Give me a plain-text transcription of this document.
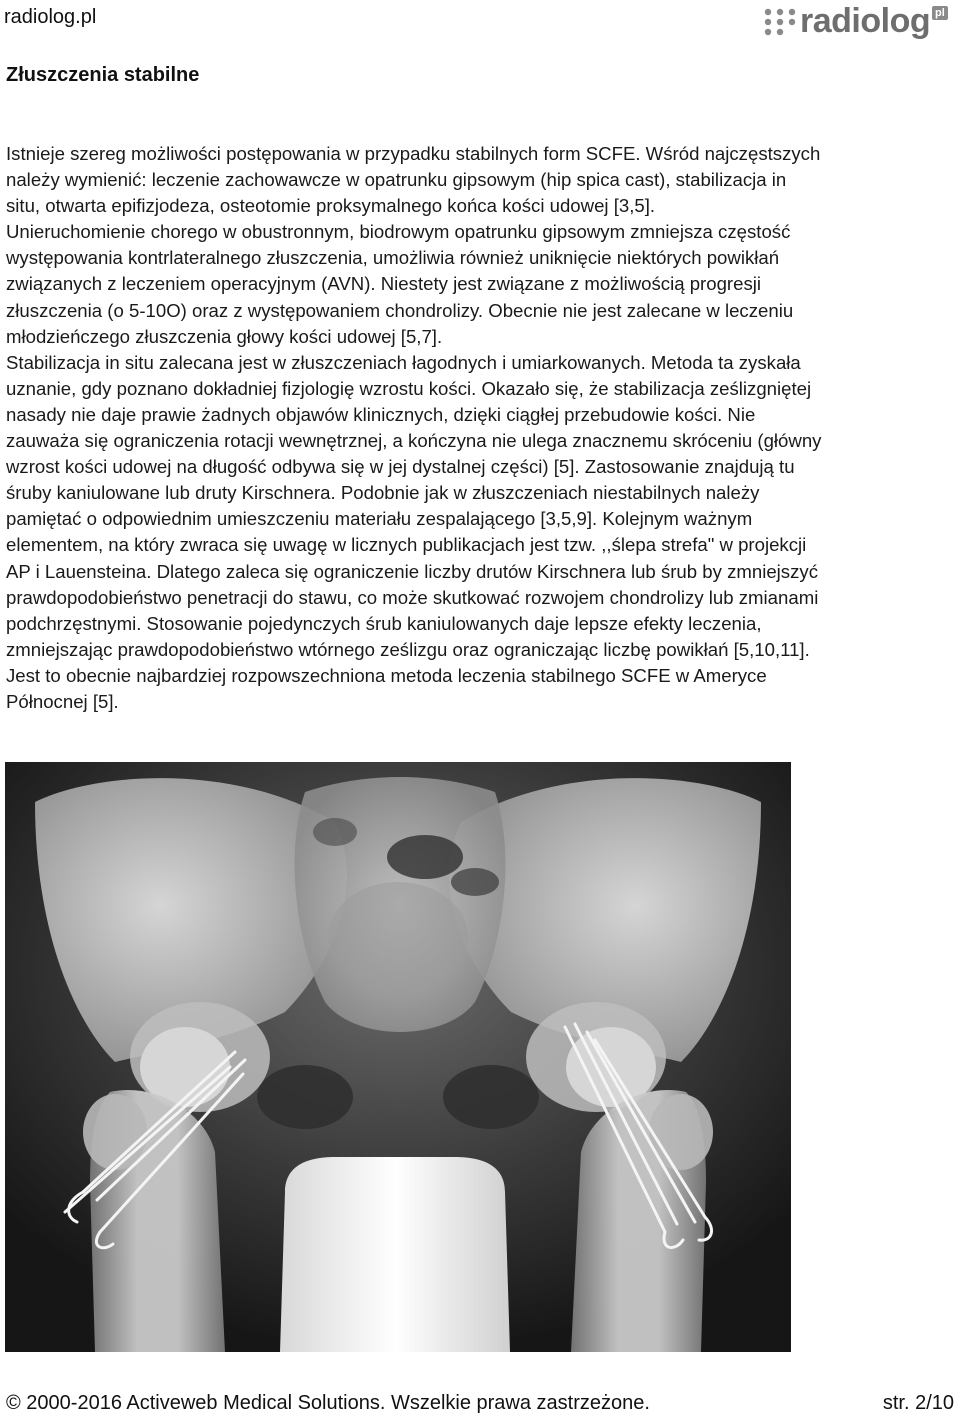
radiolog.pl	radiolog pl
Złuszczenia stabilne
Istnieje szereg możliwości postępowania w przypadku stabilnych form SCFE. Wśród najczęstszych
należy wymienić: leczenie zachowawcze w opatrunku gipsowym (hip spica cast), stabilizacja in
situ, otwarta epifizjodeza, osteotomie proksymalnego końca kości udowej [3,5].
Unieruchomienie chorego w obustronnym, biodrowym opatrunku gipsowym zmniejsza częstość
występowania kontrlateralnego złuszczenia, umożliwia również uniknięcie niektórych powikłań
związanych z leczeniem operacyjnym (AVN). Niestety jest związane z możliwością progresji
złuszczenia (o 5-10O) oraz z występowaniem chondrolizy. Obecnie nie jest zalecane w leczeniu
młodzieńczego złuszczenia głowy kości udowej [5,7].
Stabilizacja in situ zalecana jest w złuszczeniach łagodnych i umiarkowanych. Metoda ta zyskała
uznanie, gdy poznano dokładniej fizjologię wzrostu kości. Okazało się, że stabilizacja ześlizgniętej
nasady nie daje prawie żadnych objawów klinicznych, dzięki ciągłej przebudowie kości. Nie
zauważa się ograniczenia rotacji wewnętrznej, a kończyna nie ulega znacznemu skróceniu (główny
wzrost kości udowej na długość odbywa się w jej dystalnej części) [5]. Zastosowanie znajdują tu
śruby kaniulowane lub druty Kirschnera. Podobnie jak w złuszczeniach niestabilnych należy
pamiętać o odpowiednim umieszczeniu materiału zespalającego [3,5,9]. Kolejnym ważnym
elementem, na który zwraca się uwagę w licznych publikacjach jest tzw. ,,ślepa strefa" w projekcji
AP i Lauensteina. Dlatego zaleca się ograniczenie liczby drutów Kirschnera lub śrub by zmniejszyć
prawdopodobieństwo penetracji do stawu, co może skutkować rozwojem chondrolizy lub zmianami
podchrzęstnymi. Stosowanie pojedynczych śrub kaniulowanych daje lepsze efekty leczenia,
zmniejszając prawdopodobieństwo wtórnego ześlizgu oraz ograniczając liczbę powikłań [5,10,11].
Jest to obecnie najbardziej rozpowszechniona metoda leczenia stabilnego SCFE w Ameryce
Północnej [5].
© 2000-2016 Activeweb Medical Solutions. Wszelkie prawa zastrzeżone.	str. 2/10
